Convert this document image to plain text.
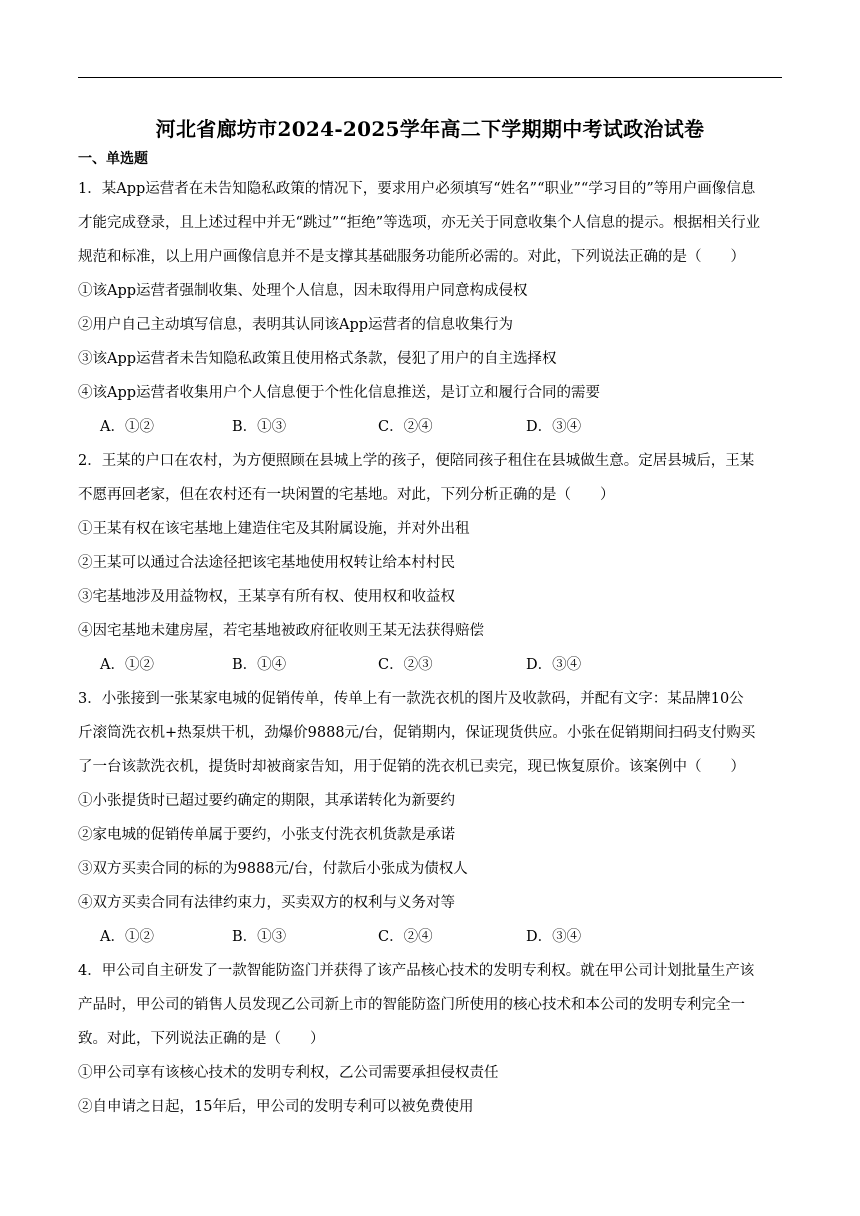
河北省廊坊市2024-2025学年高二下学期期中考试政治试卷
一、单选题
1．某App运营者在未告知隐私政策的情况下，要求用户必须填写“姓名”“职业”“学习目的”等用户画像信息
才能完成登录，且上述过程中并无“跳过”“拒绝”等选项，亦无关于同意收集个人信息的提示。根据相关行业
规范和标准，以上用户画像信息并不是支撑其基础服务功能所必需的。对此，下列说法正确的是（　　）
①该App运营者强制收集、处理个人信息，因未取得用户同意构成侵权
②用户自己主动填写信息，表明其认同该App运营者的信息收集行为
③该App运营者未告知隐私政策且使用格式条款，侵犯了用户的自主选择权
④该App运营者收集用户个人信息便于个性化信息推送，是订立和履行合同的需要
A．①②	B．①③	C．②④	D．③④
2．王某的户口在农村，为方便照顾在县城上学的孩子，便陪同孩子租住在县城做生意。定居县城后，王某
不愿再回老家，但在农村还有一块闲置的宅基地。对此，下列分析正确的是（　　）
①王某有权在该宅基地上建造住宅及其附属设施，并对外出租
②王某可以通过合法途径把该宅基地使用权转让给本村村民
③宅基地涉及用益物权，王某享有所有权、使用权和收益权
④因宅基地未建房屋，若宅基地被政府征收则王某无法获得赔偿
A．①②	B．①④	C．②③	D．③④
3．小张接到一张某家电城的促销传单，传单上有一款洗衣机的图片及收款码，并配有文字：某品牌10公
斤滚筒洗衣机+热泵烘干机，劲爆价9888元/台，促销期内，保证现货供应。小张在促销期间扫码支付购买
了一台该款洗衣机，提货时却被商家告知，用于促销的洗衣机已卖完，现已恢复原价。该案例中（　　）
①小张提货时已超过要约确定的期限，其承诺转化为新要约
②家电城的促销传单属于要约，小张支付洗衣机货款是承诺
③双方买卖合同的标的为9888元/台，付款后小张成为债权人
④双方买卖合同有法律约束力，买卖双方的权利与义务对等
A．①②	B．①③	C．②④	D．③④
4．甲公司自主研发了一款智能防盗门并获得了该产品核心技术的发明专利权。就在甲公司计划批量生产该
产品时，甲公司的销售人员发现乙公司新上市的智能防盗门所使用的核心技术和本公司的发明专利完全一
致。对此，下列说法正确的是（　　）
①甲公司享有该核心技术的发明专利权，乙公司需要承担侵权责任
②自申请之日起，15年后，甲公司的发明专利可以被免费使用
